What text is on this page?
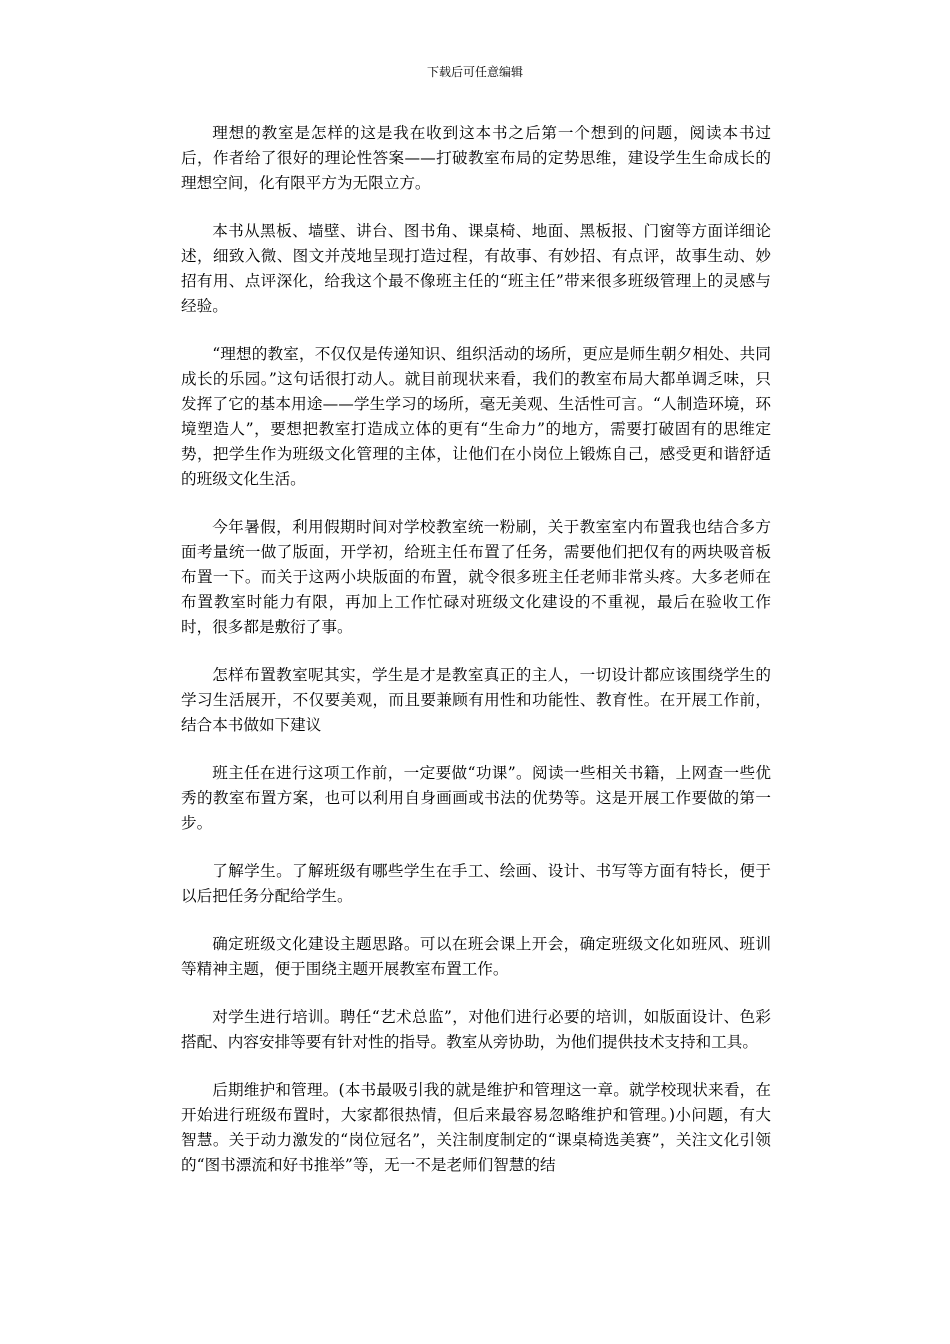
下载后可任意编辑

理想的教室是怎样的这是我在收到这本书之后第一个想到的问题，阅读本书过后，作者给了很好的理论性答案——打破教室布局的定势思维，建设学生生命成长的理想空间，化有限平方为无限立方。

本书从黑板、墙壁、讲台、图书角、课桌椅、地面、黑板报、门窗等方面详细论述，细致入微、图文并茂地呈现打造过程，有故事、有妙招、有点评，故事生动、妙招有用、点评深化，给我这个最不像班主任的“班主任”带来很多班级管理上的灵感与经验。

“理想的教室，不仅仅是传递知识、组织活动的场所，更应是师生朝夕相处、共同成长的乐园。”这句话很打动人。就目前现状来看，我们的教室布局大都单调乏味，只发挥了它的基本用途——学生学习的场所，毫无美观、生活性可言。“人制造环境，环境塑造人”，要想把教室打造成立体的更有“生命力”的地方，需要打破固有的思维定势，把学生作为班级文化管理的主体，让他们在小岗位上锻炼自己，感受更和谐舒适的班级文化生活。

今年暑假，利用假期时间对学校教室统一粉刷，关于教室室内布置我也结合多方面考量统一做了版面，开学初，给班主任布置了任务，需要他们把仅有的两块吸音板布置一下。而关于这两小块版面的布置，就令很多班主任老师非常头疼。大多老师在布置教室时能力有限，再加上工作忙碌对班级文化建设的不重视，最后在验收工作时，很多都是敷衍了事。

怎样布置教室呢其实，学生是才是教室真正的主人，一切设计都应该围绕学生的学习生活展开，不仅要美观，而且要兼顾有用性和功能性、教育性。在开展工作前，结合本书做如下建议

班主任在进行这项工作前，一定要做“功课”。阅读一些相关书籍，上网查一些优秀的教室布置方案，也可以利用自身画画或书法的优势等。这是开展工作要做的第一步。

了解学生。了解班级有哪些学生在手工、绘画、设计、书写等方面有特长，便于以后把任务分配给学生。

确定班级文化建设主题思路。可以在班会课上开会，确定班级文化如班风、班训等精神主题，便于围绕主题开展教室布置工作。

对学生进行培训。聘任“艺术总监”，对他们进行必要的培训，如版面设计、色彩搭配、内容安排等要有针对性的指导。教室从旁协助，为他们提供技术支持和工具。

后期维护和管理。(本书最吸引我的就是维护和管理这一章。就学校现状来看，在开始进行班级布置时，大家都很热情，但后来最容易忽略维护和管理。)小问题，有大智慧。关于动力激发的“岗位冠名”，关注制度制定的“课桌椅选美赛”，关注文化引领的“图书漂流和好书推举”等，无一不是老师们智慧的结
